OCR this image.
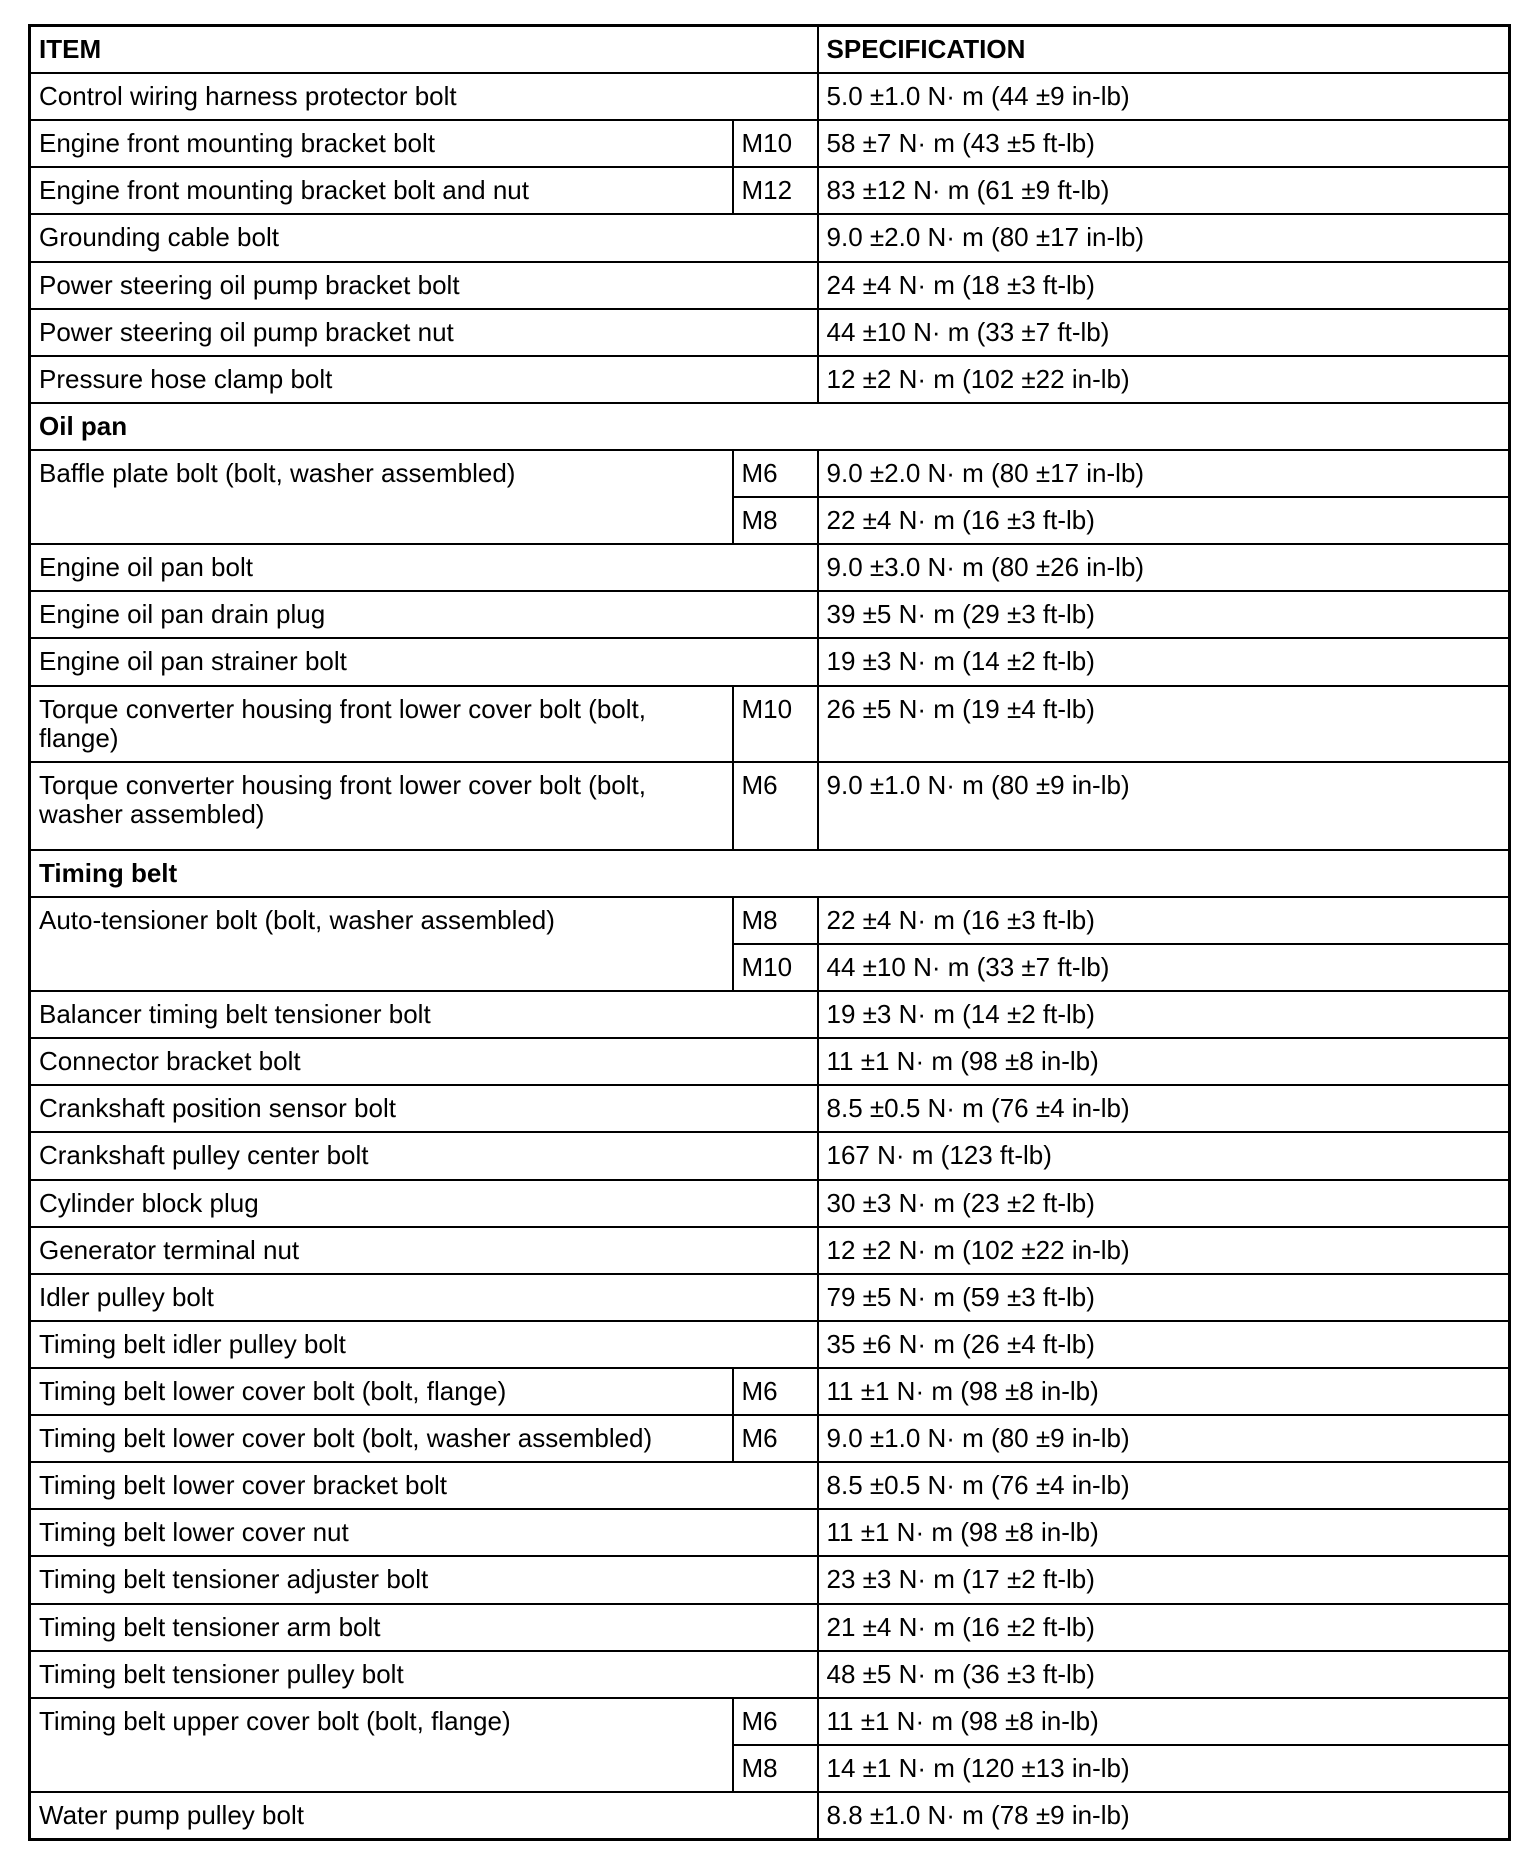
ITEM		SPECIFICATION
Control wiring harness protector bolt		5.0 ±1.0 N· m (44 ±9 in-lb)
Engine front mounting bracket bolt	M10	58 ±7 N· m (43 ±5 ft-lb)
Engine front mounting bracket bolt and nut	M12	83 ±12 N· m (61 ±9 ft-lb)
Grounding cable bolt		9.0 ±2.0 N· m (80 ±17 in-lb)
Power steering oil pump bracket bolt		24 ±4 N· m (18 ±3 ft-lb)
Power steering oil pump bracket nut		44 ±10 N· m (33 ±7 ft-lb)
Pressure hose clamp bolt		12 ±2 N· m (102 ±22 in-lb)
Oil pan		
Baffle plate bolt (bolt, washer assembled)	M6	9.0 ±2.0 N· m (80 ±17 in-lb)
	M8	22 ±4 N· m (16 ±3 ft-lb)
Engine oil pan bolt		9.0 ±3.0 N· m (80 ±26 in-lb)
Engine oil pan drain plug		39 ±5 N· m (29 ±3 ft-lb)
Engine oil pan strainer bolt		19 ±3 N· m (14 ±2 ft-lb)
Torque converter housing front lower cover bolt (bolt, flange)	M10	26 ±5 N· m (19 ±4 ft-lb)
Torque converter housing front lower cover bolt (bolt, washer assembled)	M6	9.0 ±1.0 N· m (80 ±9 in-lb)
Timing belt		
Auto-tensioner bolt (bolt, washer assembled)	M8	22 ±4 N· m (16 ±3 ft-lb)
	M10	44 ±10 N· m (33 ±7 ft-lb)
Balancer timing belt tensioner bolt		19 ±3 N· m (14 ±2 ft-lb)
Connector bracket bolt		11 ±1 N· m (98 ±8 in-lb)
Crankshaft position sensor bolt		8.5 ±0.5 N· m (76 ±4 in-lb)
Crankshaft pulley center bolt		167 N· m (123 ft-lb)
Cylinder block plug		30 ±3 N· m (23 ±2 ft-lb)
Generator terminal nut		12 ±2 N· m (102 ±22 in-lb)
Idler pulley bolt		79 ±5 N· m (59 ±3 ft-lb)
Timing belt idler pulley bolt		35 ±6 N· m (26 ±4 ft-lb)
Timing belt lower cover bolt (bolt, flange)	M6	11 ±1 N· m (98 ±8 in-lb)
Timing belt lower cover bolt (bolt, washer assembled)	M6	9.0 ±1.0 N· m (80 ±9 in-lb)
Timing belt lower cover bracket bolt		8.5 ±0.5 N· m (76 ±4 in-lb)
Timing belt lower cover nut		11 ±1 N· m (98 ±8 in-lb)
Timing belt tensioner adjuster bolt		23 ±3 N· m (17 ±2 ft-lb)
Timing belt tensioner arm bolt		21 ±4 N· m (16 ±2 ft-lb)
Timing belt tensioner pulley bolt		48 ±5 N· m (36 ±3 ft-lb)
Timing belt upper cover bolt (bolt, flange)	M6	11 ±1 N· m (98 ±8 in-lb)
	M8	14 ±1 N· m (120 ±13 in-lb)
Water pump pulley bolt		8.8 ±1.0 N· m (78 ±9 in-lb)
